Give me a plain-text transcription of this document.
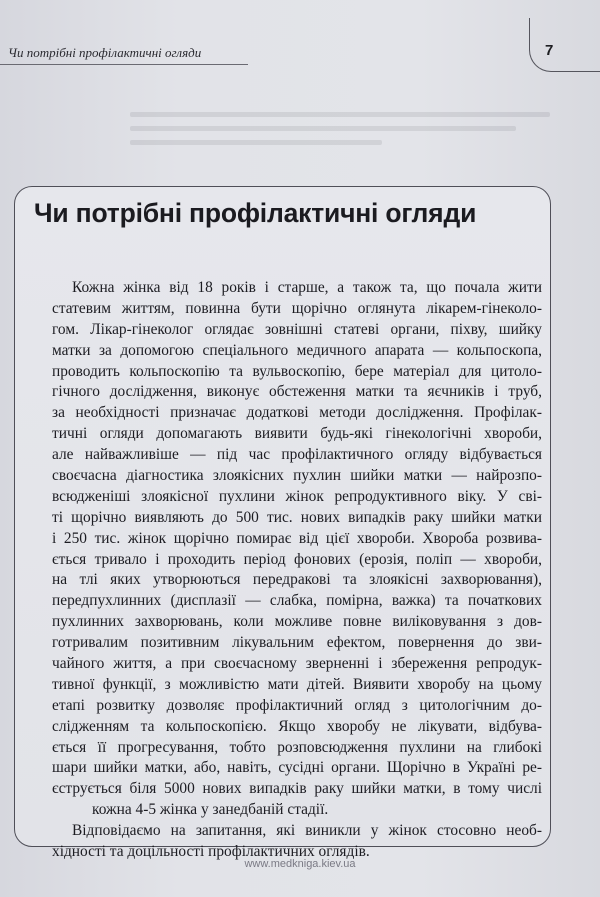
Чи потрібні профілактичні огляди	7
Чи потрібні профілактичні огляди

Кожна жінка від 18 років і старше, а також та, що почала жити
статевим життям, повинна бути щорічно оглянута лікарем-гінеколо-
гом. Лікар-гінеколог оглядає зовнішні статеві органи, піхву, шийку
матки за допомогою спеціального медичного апарата — кольпоскопа,
проводить кольпоскопію та вульвоскопію, бере матеріал для цитоло-
гічного дослідження, виконує обстеження матки та яєчників і труб,
за необхідності призначає додаткові методи дослідження. Профілак-
тичні огляди допомагають виявити будь-які гінекологічні хвороби,
але найважливіше — під час профілактичного огляду відбувається
своєчасна діагностика злоякісних пухлин шийки матки — найрозпо-
всюдженіші злоякісної пухлини жінок репродуктивного віку. У сві-
ті щорічно виявляють до 500 тис. нових випадків раку шийки матки
і 250 тис. жінок щорічно помирає від цієї хвороби. Хвороба розвива-
ється тривало і проходить період фонових (ерозія, поліп — хвороби,
на тлі яких утворюються передракові та злоякісні захворювання),
передпухлинних (дисплазії — слабка, помірна, важка) та початкових
пухлинних захворювань, коли можливе повне виліковування з дов-
готривалим позитивним лікувальним ефектом, повернення до зви-
чайного життя, а при своєчасному зверненні і збереження репродук-
тивної функції, з можливістю мати дітей. Виявити хворобу на цьому
етапі розвитку дозволяє профілактичний огляд з цитологічним до-
слідженням та кольпоскопією. Якщо хворобу не лікувати, відбува-
ється її прогресування, тобто розповсюдження пухлини на глибокі
шари шийки матки, або, навіть, сусідні органи. Щорічно в Україні ре-
єструється біля 5000 нових випадків раку шийки матки, в тому числі
кожна 4-5 жінка у занедбаній стадії.

Відповідаємо на запитання, які виникли у жінок стосовно необ-
хідності та доцільності профілактичних оглядів.

www.medkniga.kiev.ua
